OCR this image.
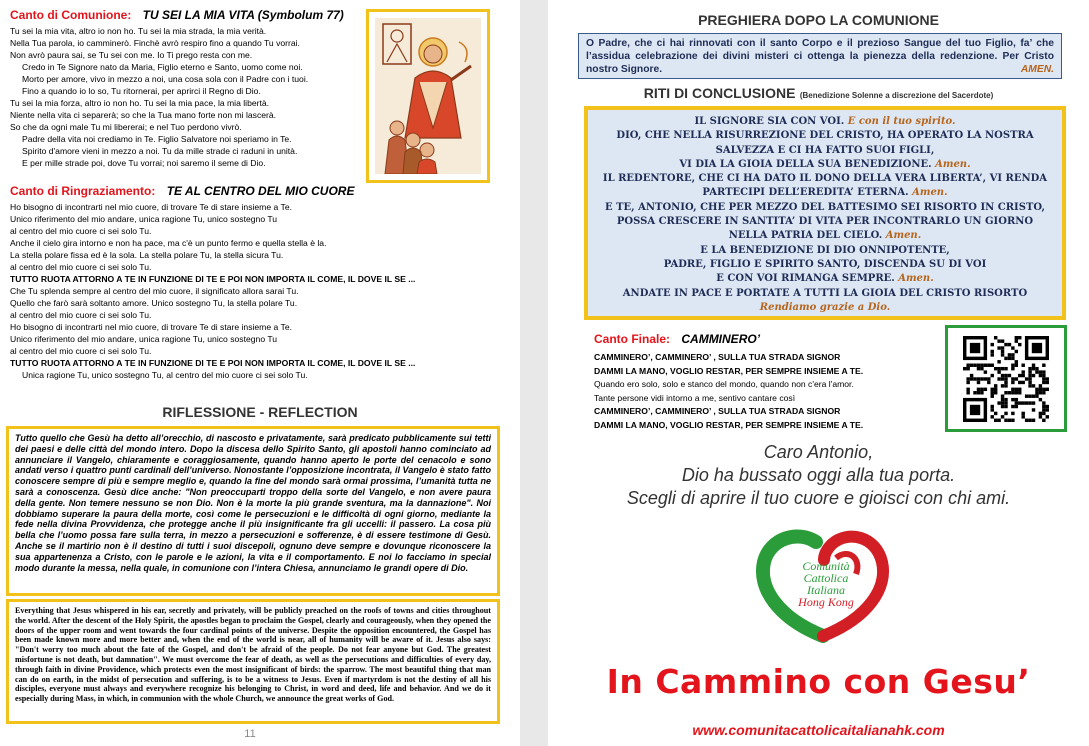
Canto di Comunione: TU SEI LA MIA VITA (Symbolum 77)
Tu sei la mia vita, altro io non ho. Tu sei la mia strada, la mia verità.
Nella Tua parola, io camminerò. Finchè avrò respiro fino a quando Tu vorrai.
Non avrò paura sai, se Tu sei con me. Io Ti prego resta con me.
Credo in Te Signore nato da Maria, Figlio eterno e Santo, uomo come noi.
Morto per amore, vivo in mezzo a noi, una cosa sola con il Padre con i tuoi.
Fino a quando io lo so, Tu ritornerai, per aprirci il Regno di Dio.
Tu sei la mia forza, altro io non ho. Tu sei la mia pace, la mia libertà.
Niente nella vita ci separerà; so che la Tua mano forte non mi lascerà.
So che da ogni male Tu mi libererai; e nel Tuo perdono vivrò.
Padre della vita noi crediamo in Te. Figlio Salvatore noi speriamo in Te.
Spirito d'amore vieni in mezzo a noi. Tu da mille strade ci raduni in unità.
E per mille strade poi, dove Tu vorrai; noi saremo il seme di Dio.
Canto di Ringraziamento: TE AL CENTRO DEL MIO CUORE
Ho bisogno di incontrarti nel mio cuore, di trovare Te di stare insieme a Te.
Unico riferimento del mio andare, unica ragione Tu, unico sostegno Tu
al centro del mio cuore ci sei solo Tu.
Anche il cielo gira intorno e non ha pace, ma c'è un punto fermo e quella stella è la.
La stella polare fissa ed è la sola. La stella polare Tu, la stella sicura Tu.
al centro del mio cuore ci sei solo Tu.
TUTTO RUOTA ATTORNO A TE IN FUNZIONE DI TE E POI NON IMPORTA IL COME, IL DOVE IL SE ...
Che Tu splenda sempre al centro del mio cuore, il significato allora sarai Tu.
Quello che farò sarà soltanto amore. Unico sostegno Tu, la stella polare Tu.
al centro del mio cuore ci sei solo Tu.
Ho bisogno di incontrarti nel mio cuore, di trovare Te di stare insieme a Te.
Unico riferimento del mio andare, unica ragione Tu, unico sostegno Tu
al centro del mio cuore ci sei solo Tu.
TUTTO RUOTA ATTORNO A TE IN FUNZIONE DI TE E POI NON IMPORTA IL COME, IL DOVE IL SE ...
Unica ragione Tu, unico sostegno Tu, al centro del mio cuore ci sei solo Tu.
RIFLESSIONE - REFLECTION
Tutto quello che Gesù ha detto all’orecchio, di nascosto e privatamente, sarà predicato pubblicamente sui tetti dei paesi e delle città del mondo intero. Dopo la discesa dello Spirito Santo, gli apostoli hanno cominciato ad annunciare il Vangelo, chiaramente e coraggiosamente, quando hanno aperto le porte del cenacolo e sono andati verso i quattro punti cardinali dell’universo. Nonostante l’opposizione incontrata, il Vangelo è stato fatto conoscere sempre di più e sempre meglio e, quando la fine del mondo sarà ormai prossima, l’umanità tutta ne sarà a conoscenza. Gesù dice anche: "Non preoccuparti troppo della sorte del Vangelo, e non avere paura della gente. Non temere nessuno se non Dio. Non è la morte la più grande sventura, ma la dannazione". Noi dobbiamo superare la paura della morte, così come le persecuzioni e le difficoltà di ogni giorno, mediante la fede nella divina Provvidenza, che protegge anche il più insignificante fra gli uccelli: il passero. La cosa più bella che l’uomo possa fare sulla terra, in mezzo a persecuzioni e sofferenze, è di essere testimone di Gesù. Anche se il martirio non è il destino di tutti i suoi discepoli, ognuno deve sempre e dovunque riconoscere la sua appartenenza a Cristo, con le parole e le azioni, la vita e il comportamento. E noi lo facciamo in special modo durante la messa, nella quale, in comunione con l’intera Chiesa, annunciamo le grandi opere di Dio.
Everything that Jesus whispered in his ear, secretly and privately, will be publicly preached on the roofs of towns and cities throughout the world. After the descent of the Holy Spirit, the apostles began to proclaim the Gospel, clearly and courageously, when they opened the doors of the upper room and went towards the four cardinal points of the universe. Despite the opposition encountered, the Gospel has been made known more and more better and, when the end of the world is near, all of humanity will be aware of it. Jesus also says: "Don't worry too much about the fate of the Gospel, and don't be afraid of the people. Do not fear anyone but God. The greatest misfortune is not death, but damnation". We must overcome the fear of death, as well as the persecutions and difficulties of every day, through faith in divine Providence, which protects even the most insignificant of birds: the sparrow. The most beautiful thing that man can do on earth, in the midst of persecution and suffering, is to be a witness to Jesus. Even if martyrdom is not the destiny of all his disciples, everyone must always and everywhere recognize his belonging to Christ, in word and deed, life and behavior. And we do it especially during Mass, in which, in communion with the whole Church, we announce the great works of God.
11
PREGHIERA DOPO LA COMUNIONE
O Padre, che ci hai rinnovati con il santo Corpo e il prezioso Sangue del tuo Figlio, fa’ che l’assidua celebrazione dei divini misteri ci ottenga la pienezza della redenzione. Per Cristo nostro Signore.	AMEN.
RITI DI CONCLUSIONE (Benedizione Solenne a discrezione del Sacerdote)
IL SIGNORE SIA CON VOI. E con il tuo spirito.
DIO, CHE NELLA RISURREZIONE DEL CRISTO, HA OPERATO LA NOSTRA
SALVEZZA E CI HA FATTO SUOI FIGLI,
VI DIA LA GIOIA DELLA SUA BENEDIZIONE. Amen.
IL REDENTORE, CHE CI HA DATO IL DONO DELLA VERA LIBERTA’, VI RENDA
PARTECIPI DELL’EREDITA’ ETERNA. Amen.
E TE, ANTONIO, CHE PER MEZZO DEL BATTESIMO SEI RISORTO IN CRISTO,
POSSA CRESCERE IN SANTITA’ DI VITA PER INCONTRARLO UN GIORNO
NELLA PATRIA DEL CIELO. Amen.
E LA BENEDIZIONE DI DIO ONNIPOTENTE,
PADRE, FIGLIO E SPIRITO SANTO, DISCENDA SU DI VOI
E CON VOI RIMANGA SEMPRE. Amen.
ANDATE IN PACE E PORTATE A TUTTI LA GIOIA DEL CRISTO RISORTO
Rendiamo grazie a Dio.
Canto Finale: CAMMINERO’
CAMMINERO’, CAMMINERO’ , SULLA TUA STRADA SIGNOR
DAMMI LA MANO, VOGLIO RESTAR, PER SEMPRE INSIEME A TE.
Quando ero solo, solo e stanco del mondo, quando non c'era l'amor.
Tante persone vidi intorno a me, sentivo cantare così
CAMMINERO’, CAMMINERO’ , SULLA TUA STRADA SIGNOR
DAMMI LA MANO, VOGLIO RESTAR, PER SEMPRE INSIEME A TE.
Caro Antonio,
Dio ha bussato oggi alla tua porta.
Scegli di aprire il tuo cuore e gioisci con chi ami.
Comunità
Cattolica
Italiana
Hong Kong
In Cammino con Gesu’
www.comunitacattolicaitalianahk.com
